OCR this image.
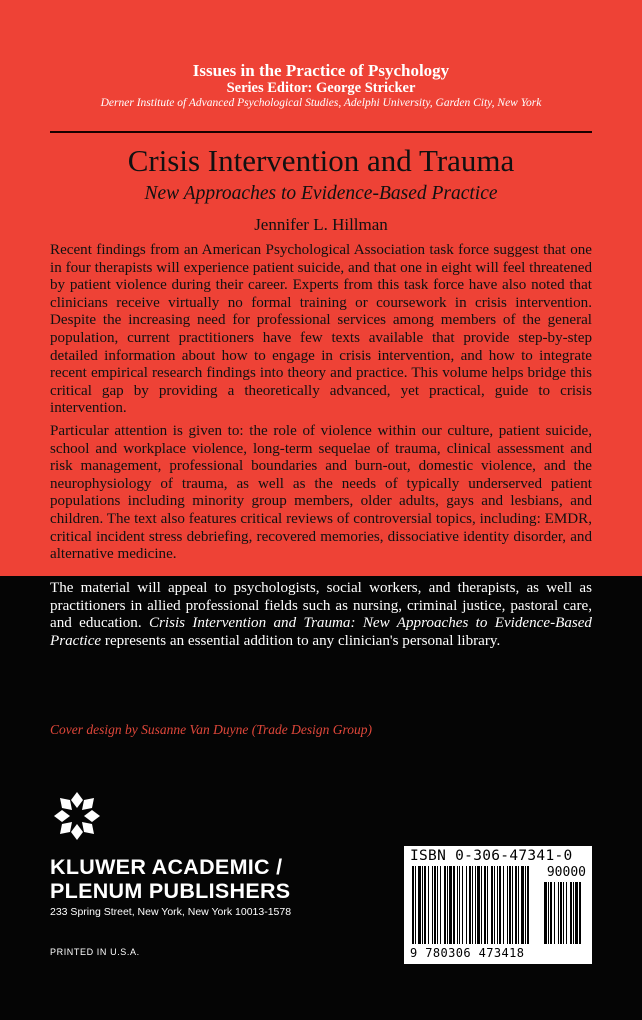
Issues in the Practice of Psychology
Series Editor: George Stricker
Derner Institute of Advanced Psychological Studies, Adelphi University, Garden City, New York
Crisis Intervention and Trauma
New Approaches to Evidence-Based Practice
Jennifer L. Hillman

Recent findings from an American Psychological Association task force suggest that one in four therapists will experience patient suicide, and that one in eight will feel threatened by patient violence during their career. Experts from this task force have also noted that clinicians receive virtually no formal training or coursework in crisis intervention. Despite the increasing need for professional services among members of the general population, current practitioners have few texts available that provide step-by-step detailed information about how to engage in crisis intervention, and how to integrate recent empirical research findings into theory and practice. This volume helps bridge this critical gap by providing a theoretically advanced, yet practical, guide to crisis intervention.

Particular attention is given to: the role of violence within our culture, patient suicide, school and workplace violence, long-term sequelae of trauma, clinical assessment and risk management, professional boundaries and burn-out, domestic violence, and the neurophysiology of trauma, as well as the needs of typically underserved patient populations including minority group members, older adults, gays and lesbians, and children. The text also features critical reviews of controversial topics, including: EMDR, critical incident stress debriefing, recovered memories, dissociative identity disorder, and alternative medicine.

The material will appeal to psychologists, social workers, and therapists, as well as practitioners in allied professional fields such as nursing, criminal justice, pastoral care, and education. Crisis Intervention and Trauma: New Approaches to Evidence-Based Practice represents an essential addition to any clinician's personal library.

Cover design by Susanne Van Duyne (Trade Design Group)
KLUWER ACADEMIC /
PLENUM PUBLISHERS
233 Spring Street, New York, New York 10013-1578
PRINTED IN U.S.A.
ISBN 0-306-47341-0
90000
9 780306 473418
